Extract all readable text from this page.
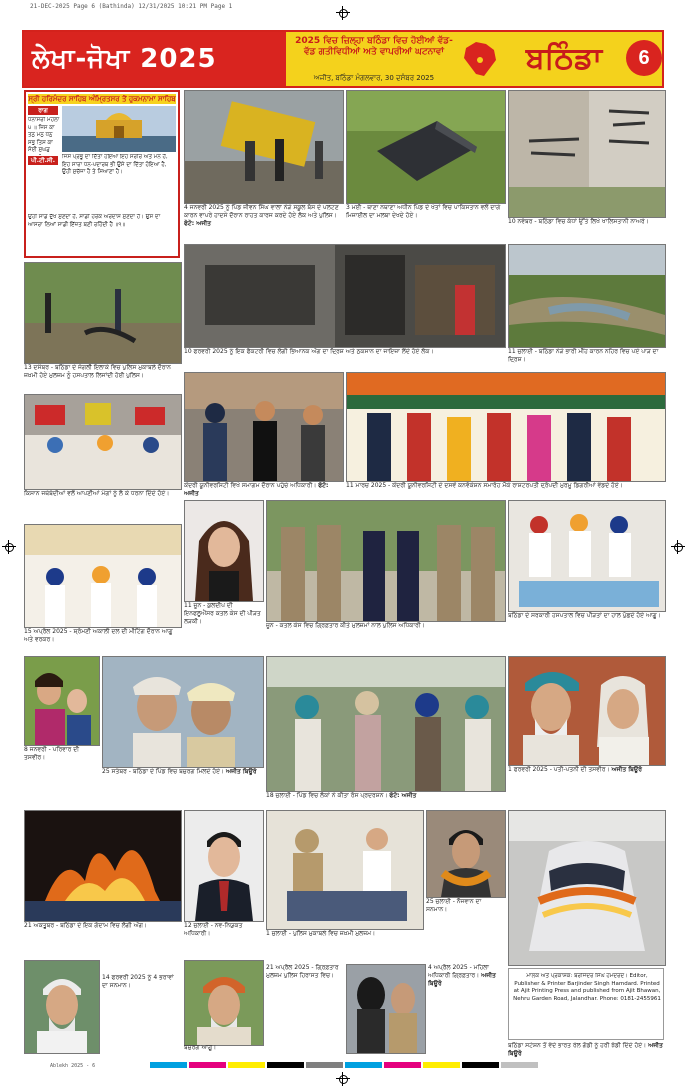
21-DEC-2025 Page 6 (Bathinda) 12/31/2025 10:21 PM Page 1
ਲੇਖਾ-ਜੋਖਾ 2025
2025 ਵਿਚ ਜ਼ਿਲ੍ਹਾ ਬਠਿੰਡਾ ਵਿਚ ਹੋਈਆਂ ਵੱਡ-ਵੱਡ ਗਤੀਵਿਧੀਆਂ ਅਤੇ ਵਾਪਰੀਆਂ ਘਟਨਾਵਾਂ
ਅਜੀਤ, ਬਠਿੰਡਾ ਮੰਗਲਵਾਰ, 30 ਦਸੰਬਰ 2025
ਬਠਿੰਡਾ	6
ਸ੍ਰੀ ਹਰਿਮੰਦਰ ਸਾਹਿਬ ਅੰਮ੍ਰਿਤਸਰ ਤੋਂ ਹੁਕਮਨਾਮਾ ਸਾਹਿਬ
ਰਾਗ
ਧਨਾਸਰੀ ਮਹਲਾ ੫ ॥ ਜਿਸ ਕਾ ਤਨੁ ਮਨੁ ਧਨੁ ਸਭੁ ਤਿਸ ਕਾ ਸੋਈ ਸੁਘੜੁ
ਪੀ.ਟੀ.ਸੀ.	ਜਿਸ ਪ੍ਰਭੂ ਦਾ ਦਿੱਤਾ ਹੋਇਆ ਇਹ ਸਰੀਰ ਅਤੇ ਮਨ ਹੈ, ਇਹ ਸਾਰਾ ਧਨ-ਪਦਾਰਥ ਭੀ ਉਸੇ ਦਾ ਦਿੱਤਾ ਹੋਇਆ ਹੈ, ਉਹੀ ਸੁਚੱਜਾ ਹੈ ਤੇ ਸਿਆਣਾ ਹੈ।
ਉਹੀ ਸਾਡੇ ਦੁੱਖ ਸੁਣਦਾ ਹੈ, ਸਾਡੀ ਹਰੇਕ ਅਰਦਾਸ ਸੁਣਦਾ ਹੈ। ਉਸ ਦਾ ਆਸਰਾ ਲਿਆਂ ਸਾਡੀ ਇੱਜ਼ਤ ਬਣੀ ਰਹਿੰਦੀ ਹੈ ॥੧॥
4 ਜਨਵਰੀ 2025 ਨੂੰ ਪਿੰਡ ਜੀਵਨ ਸਿੰਘ ਵਾਲਾ ਨੇੜੇ ਸਕੂਲ ਬੱਸ ਦੇ ਪਲਟਣ ਕਾਰਨ ਵਾਪਰੇ ਹਾਦਸੇ ਦੌਰਾਨ ਰਾਹਤ ਕਾਰਜ ਕਰਦੇ ਹੋਏ ਲੋਕ ਅਤੇ ਪੁਲਿਸ। ਫੋਟੋ: ਅਜੀਤ
3 ਮਈ - ਥਾਣਾ ਨਥਾਣਾ ਅਧੀਨ ਪਿੰਡ ਦੇ ਖੇਤਾਂ ਵਿਚ ਪਾਕਿਸਤਾਨ ਵਲੋਂ ਦਾਗੇ ਮਿਜ਼ਾਈਲ ਦਾ ਮਲਬਾ ਦੇਖਦੇ ਹੋਏ।
10 ਨਵੰਬਰ - ਬਠਿੰਡਾ ਵਿਚ ਕੰਧਾਂ ਉੱਤੇ ਲਿਖੇ ਖਾਲਿਸਤਾਨੀ ਨਾਅਰੇ।
13 ਦਸੰਬਰ - ਬਠਿੰਡਾ ਦੇ ਜੰਗਲੀ ਇਲਾਕੇ ਵਿਚ ਪੁਲਿਸ ਮੁਕਾਬਲੇ ਦੌਰਾਨ ਜ਼ਖ਼ਮੀ ਹੋਏ ਮੁਲਜ਼ਮ ਨੂੰ ਹਸਪਤਾਲ ਲਿਜਾਂਦੀ ਹੋਈ ਪੁਲਿਸ।
10 ਫਰਵਰੀ 2025 ਨੂੰ ਇਕ ਫੈਕਟਰੀ ਵਿਚ ਲੱਗੀ ਭਿਆਨਕ ਅੱਗ ਦਾ ਦ੍ਰਿਸ਼ ਅਤੇ ਨੁਕਸਾਨ ਦਾ ਜਾਇਜ਼ਾ ਲੈਂਦੇ ਹੋਏ ਲੋਕ।	11 ਜੁਲਾਈ - ਬਠਿੰਡਾ ਨੇੜੇ ਭਾਰੀ ਮੀਂਹ ਕਾਰਨ ਨਹਿਰ ਵਿਚ ਪਏ ਪਾੜ ਦਾ ਦ੍ਰਿਸ਼।
ਕਿਸਾਨ ਜਥੇਬੰਦੀਆਂ ਵਲੋਂ ਆਪਣੀਆਂ ਮੰਗਾਂ ਨੂੰ ਲੈ ਕੇ ਧਰਨਾ ਦਿੰਦੇ ਹੋਏ।
ਕੇਂਦਰੀ ਯੂਨੀਵਰਸਿਟੀ ਵਿਖੇ ਸਮਾਗਮ ਦੌਰਾਨ ਪਹੁੰਚੇ ਅਧਿਕਾਰੀ। ਫੋਟੋ: ਅਜੀਤ
11 ਮਾਰਚ 2025 - ਕੇਂਦਰੀ ਯੂਨੀਵਰਸਿਟੀ ਦੇ ਦਸਵੇਂ ਕਨਵੋਕੇਸ਼ਨ ਸਮਾਰੋਹ ਮੌਕੇ ਰਾਸ਼ਟਰਪਤੀ ਦ੍ਰੋਪਦੀ ਮੁਰਮੂ ਡਿਗਰੀਆਂ ਵੰਡਦੇ ਹੋਏ।
15 ਅਪ੍ਰੈਲ 2025 - ਸ਼੍ਰੋਮਣੀ ਅਕਾਲੀ ਦਲ ਦੀ ਮੀਟਿੰਗ ਦੌਰਾਨ ਆਗੂ ਅਤੇ ਵਰਕਰ।
11 ਜੂਨ - ਕੁਲਦੀਪ ਦੀ ਇਨਫਲੂਐਂਸਰ ਕਤਲ ਕੇਸ ਦੀ ਪੀੜਤ ਲੜਕੀ।
ਜੂਨ - ਕਤਲ ਕੇਸ ਵਿਚ ਗ੍ਰਿਫ਼ਤਾਰ ਕੀਤੇ ਮੁਲਜ਼ਮਾਂ ਨਾਲ ਪੁਲਿਸ ਅਧਿਕਾਰੀ।
ਬਠਿੰਡਾ ਦੇ ਸਰਕਾਰੀ ਹਸਪਤਾਲ ਵਿਚ ਪੀੜਤਾਂ ਦਾ ਹਾਲ ਪੁੱਛਦੇ ਹੋਏ ਆਗੂ।
8 ਜਨਵਰੀ - ਪਰਿਵਾਰ ਦੀ ਤਸਵੀਰ।
25 ਸਤੰਬਰ - ਬਠਿੰਡਾ ਦੇ ਪਿੰਡ ਵਿਚ ਬਜ਼ੁਰਗ ਮਿਲਦੇ ਹੋਏ। ਅਜੀਤ ਬਿਊਰੋ
18 ਜੁਲਾਈ - ਪਿੰਡ ਵਿਚ ਲੋਕਾਂ ਨੇ ਕੀਤਾ ਰੋਸ ਪ੍ਰਦਰਸ਼ਨ। ਫੋਟੋ: ਅਜੀਤ
1 ਫਰਵਰੀ 2025 - ਪਤੀ-ਪਤਨੀ ਦੀ ਤਸਵੀਰ। ਅਜੀਤ ਬਿਊਰੋ
21 ਅਕਤੂਬਰ - ਬਠਿੰਡਾ ਦੇ ਇਕ ਗੋਦਾਮ ਵਿਚ ਲੱਗੀ ਅੱਗ।	12 ਜੁਲਾਈ - ਨਵ-ਨਿਯੁਕਤ ਅਧਿਕਾਰੀ।	1 ਜੁਲਾਈ - ਪੁਲਿਸ ਮੁਕਾਬਲੇ ਵਿਚ ਜ਼ਖ਼ਮੀ ਮੁਲਜ਼ਮ।
25 ਜੁਲਾਈ - ਨੌਜਵਾਨ ਦਾ ਸਨਮਾਨ।
14 ਫਰਵਰੀ 2025 ਨੂੰ 4 ਭਰਾਵਾਂ ਦਾ ਸਨਮਾਨ।
ਬਜ਼ੁਰਗ ਆਗੂ।
21 ਅਪ੍ਰੈਲ 2025 - ਗ੍ਰਿਫ਼ਤਾਰ ਮੁਲਜ਼ਮ ਪੁਲਿਸ ਹਿਰਾਸਤ ਵਿਚ।
4 ਅਪ੍ਰੈਲ 2025 - ਮਹਿਲਾ ਅਧਿਕਾਰੀ ਗ੍ਰਿਫ਼ਤਾਰ। ਅਜੀਤ ਬਿਊਰੋ
ਮਾਲਕ ਅਤੇ ਪ੍ਰਕਾਸ਼ਕ: ਬਰਜਿੰਦਰ ਸਿੰਘ ਹਮਦਰਦ। Editor, Publisher & Printer Barjinder Singh Hamdard. Printed at Ajit Printing Press and published from Ajit Bhawan, Nehru Garden Road, Jalandhar. Phone: 0181-2455961
ਬਠਿੰਡਾ ਸਟੇਸ਼ਨ ਤੋਂ ਵੰਦੇ ਭਾਰਤ ਰੇਲ ਗੱਡੀ ਨੂੰ ਹਰੀ ਝੰਡੀ ਦਿੰਦੇ ਹੋਏ। ਅਜੀਤ ਬਿਊਰੋ
Ablekh 2025 - 6
